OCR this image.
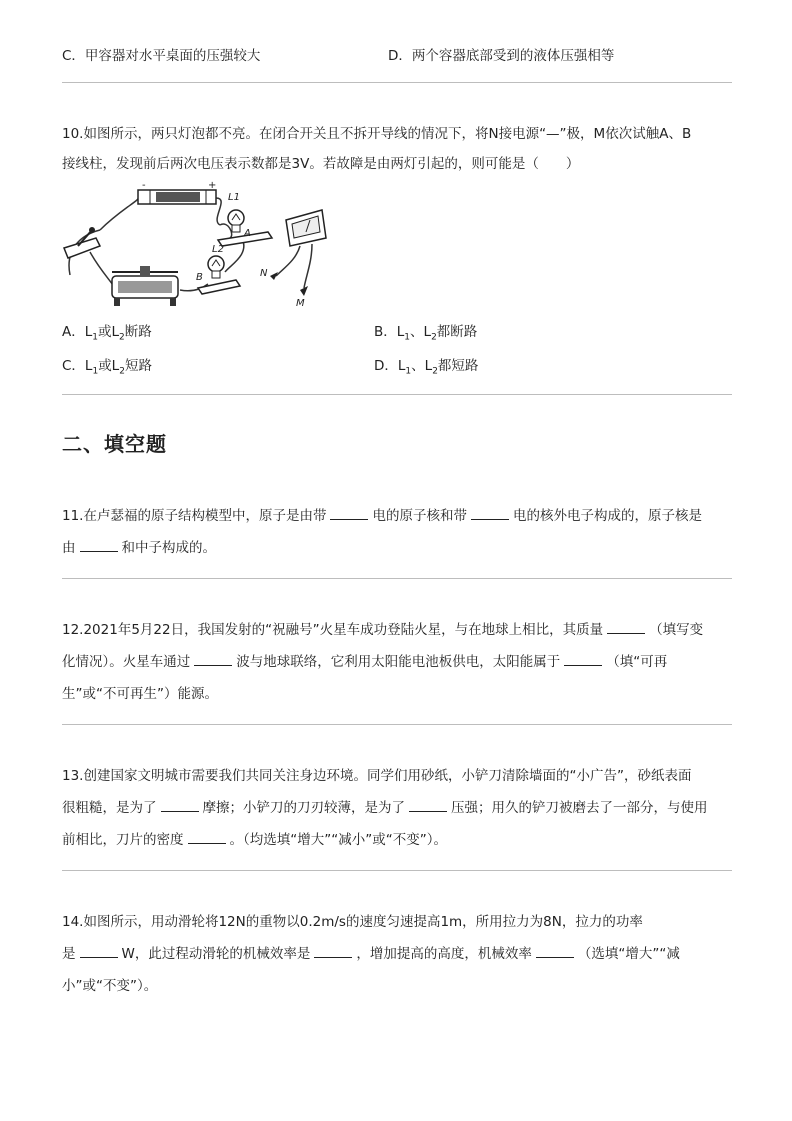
C．甲容器对水平桌面的压强较大	D．两个容器底部受到的液体压强相等
10.如图所示，两只灯泡都不亮。在闭合开关且不拆开导线的情况下，将N接电源“—”极，M依次试触A、B
接线柱，发现前后两次电压表示数都是3V。若故障是由两灯引起的，则可能是（　　）
-	+
L1
A
L2
B	N
M
A．$L_1$或$L_2$断路	B．$L_1$、$L_2$都断路
C．$L_1$或$L_2$短路	D．$L_1$、$L_2$都短路
二、填空题
11.在卢瑟福的原子结构模型中，原子是由带	电的原子核和带	电的核外电子构成的，原子核是
由	和中子构成的。
12.2021年5月22日，我国发射的“祝融号”火星车成功登陆火星，与在地球上相比，其质量	（填写变
化情况）。火星车通过	波与地球联络，它利用太阳能电池板供电，太阳能属于	（填“可再
生”或“不可再生”）能源。
13.创建国家文明城市需要我们共同关注身边环境。同学们用砂纸，小铲刀清除墙面的“小广告”，砂纸表面
很粗糙，是为了	摩擦；小铲刀的刀刃较薄，是为了	压强；用久的铲刀被磨去了一部分，与使用
前相比，刀片的密度	。（均选填“增大”“减小”或“不变”）。
14.如图所示，用动滑轮将12N的重物以0.2m/s的速度匀速提高1m，所用拉力为8N，拉力的功率
是	W，此过程动滑轮的机械效率是	，增加提高的高度，机械效率	（选填“增大”“减
小”或“不变”）。
